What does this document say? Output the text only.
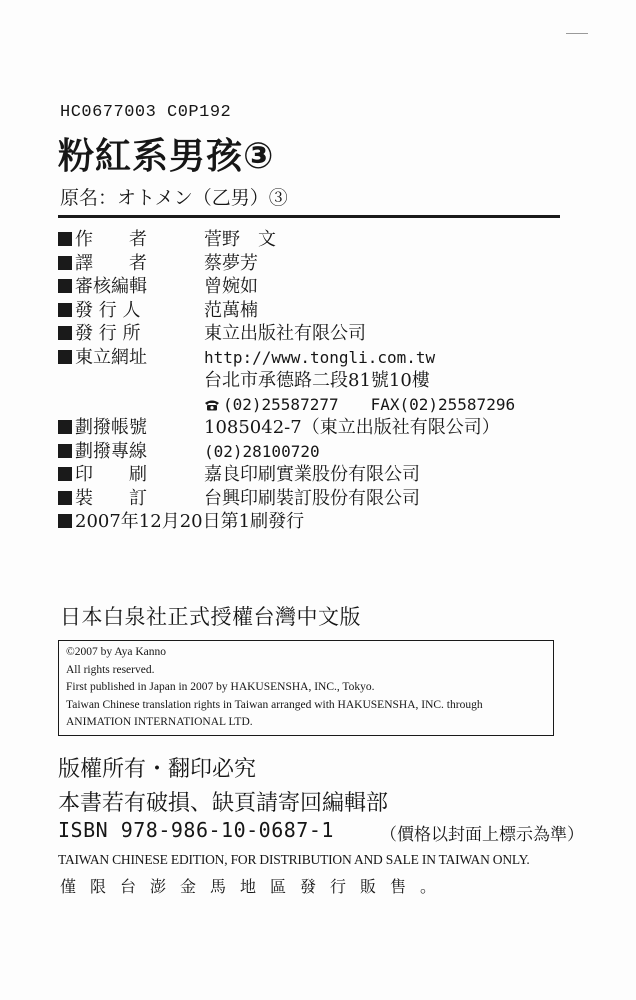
HC0677003 C0P192
粉紅系男孩③
原名：オトメン（乙男）③
作　　者	菅野　文
譯　　者	蔡夢芳
審核編輯	曾婉如
發 行 人	范萬楠
發 行 所	東立出版社有限公司
東立網址	http://www.tongli.com.tw
台北市承德路二段81號10樓
(02)25587277 FAX(02)25587296
劃撥帳號	1085042-7（東立出版社有限公司）
劃撥專線	(02)28100720
印　　刷	嘉良印刷實業股份有限公司
裝　　訂	台興印刷裝訂股份有限公司
2007年12月20日第1刷發行
日本白泉社正式授權台灣中文版
©2007 by Aya Kanno
All rights reserved.
First published in Japan in 2007 by HAKUSENSHA, INC., Tokyo.
Taiwan Chinese translation rights in Taiwan arranged with HAKUSENSHA, INC. through
ANIMATION INTERNATIONAL LTD.
版權所有・翻印必究
本書若有破損、缺頁請寄回編輯部
ISBN 978-986-10-0687-1	（價格以封面上標示為準）
TAIWAN CHINESE EDITION, FOR DISTRIBUTION AND SALE IN TAIWAN ONLY.
僅限台澎金馬地區發行販售。
